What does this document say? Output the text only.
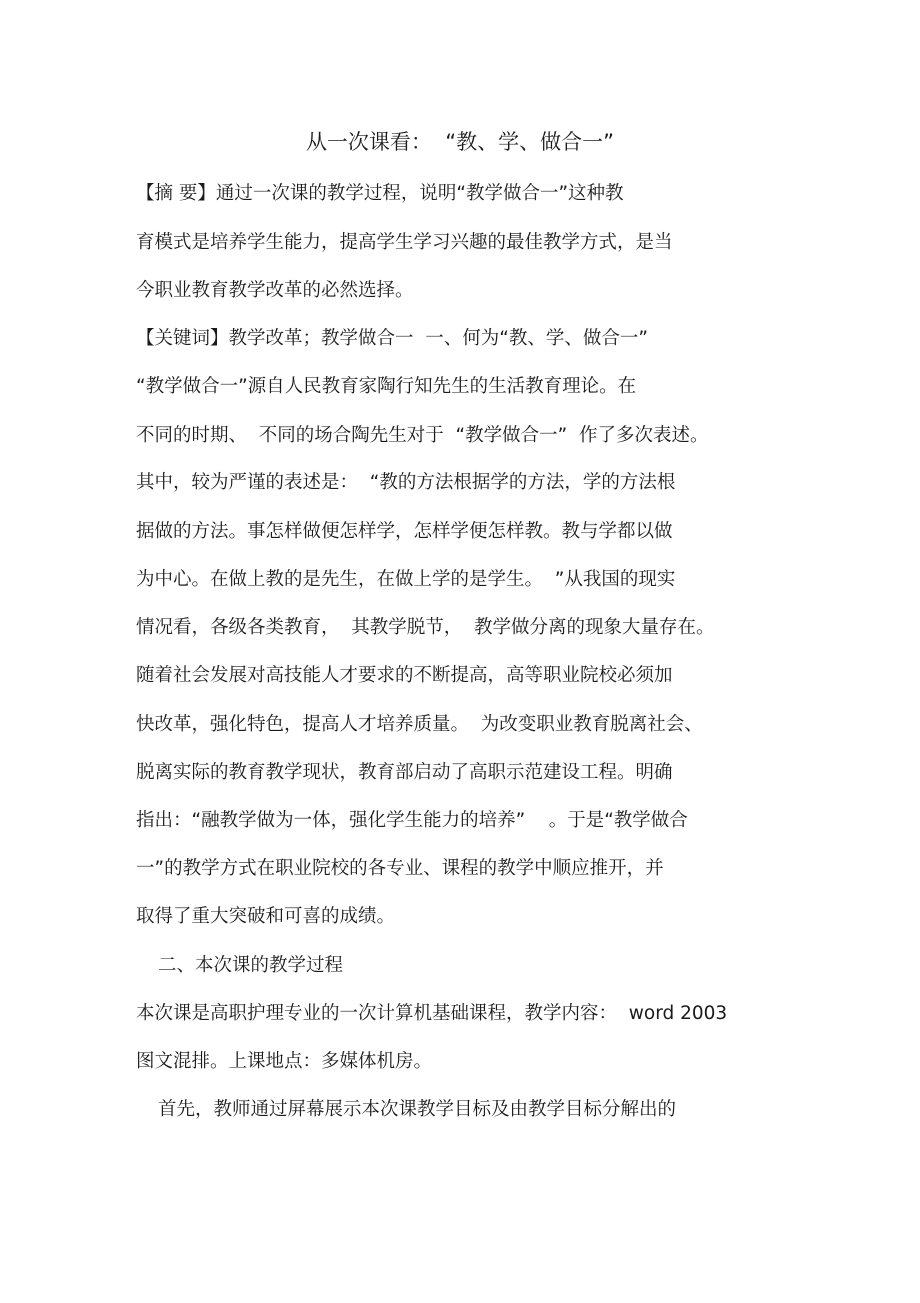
从一次课看：  “教、学、做合一”
【摘 要】通过一次课的教学过程，说明“教学做合一”这种教
育模式是培养学生能力，提高学生学习兴趣的最佳教学方式，是当
今职业教育教学改革的必然选择。
【关键词】教学改革；教学做合一  一、何为“教、学、做合一”
“教学做合一”源自人民教育家陶行知先生的生活教育理论。在
不同的时期、  不同的场合陶先生对于  “教学做合一”  作了多次表述。
其中，较为严谨的表述是：  “教的方法根据学的方法，学的方法根
据做的方法。事怎样做便怎样学，怎样学便怎样教。教与学都以做
为中心。在做上教的是先生，在做上学的是学生。  ”从我国的现实
情况看，各级各类教育，  其教学脱节，  教学做分离的现象大量存在。
随着社会发展对高技能人才要求的不断提高，高等职业院校必须加
快改革，强化特色，提高人才培养质量。  为改变职业教育脱离社会、
脱离实际的教育教学现状，教育部启动了高职示范建设工程。明确
指出：“融教学做为一体，强化学生能力的培养”    。于是“教学做合
一”的教学方式在职业院校的各专业、课程的教学中顺应推开，并
取得了重大突破和可喜的成绩。
二、本次课的教学过程
本次课是高职护理专业的一次计算机基础课程，教学内容：  word 2003
图文混排。上课地点：多媒体机房。
首先，教师通过屏幕展示本次课教学目标及由教学目标分解出的
